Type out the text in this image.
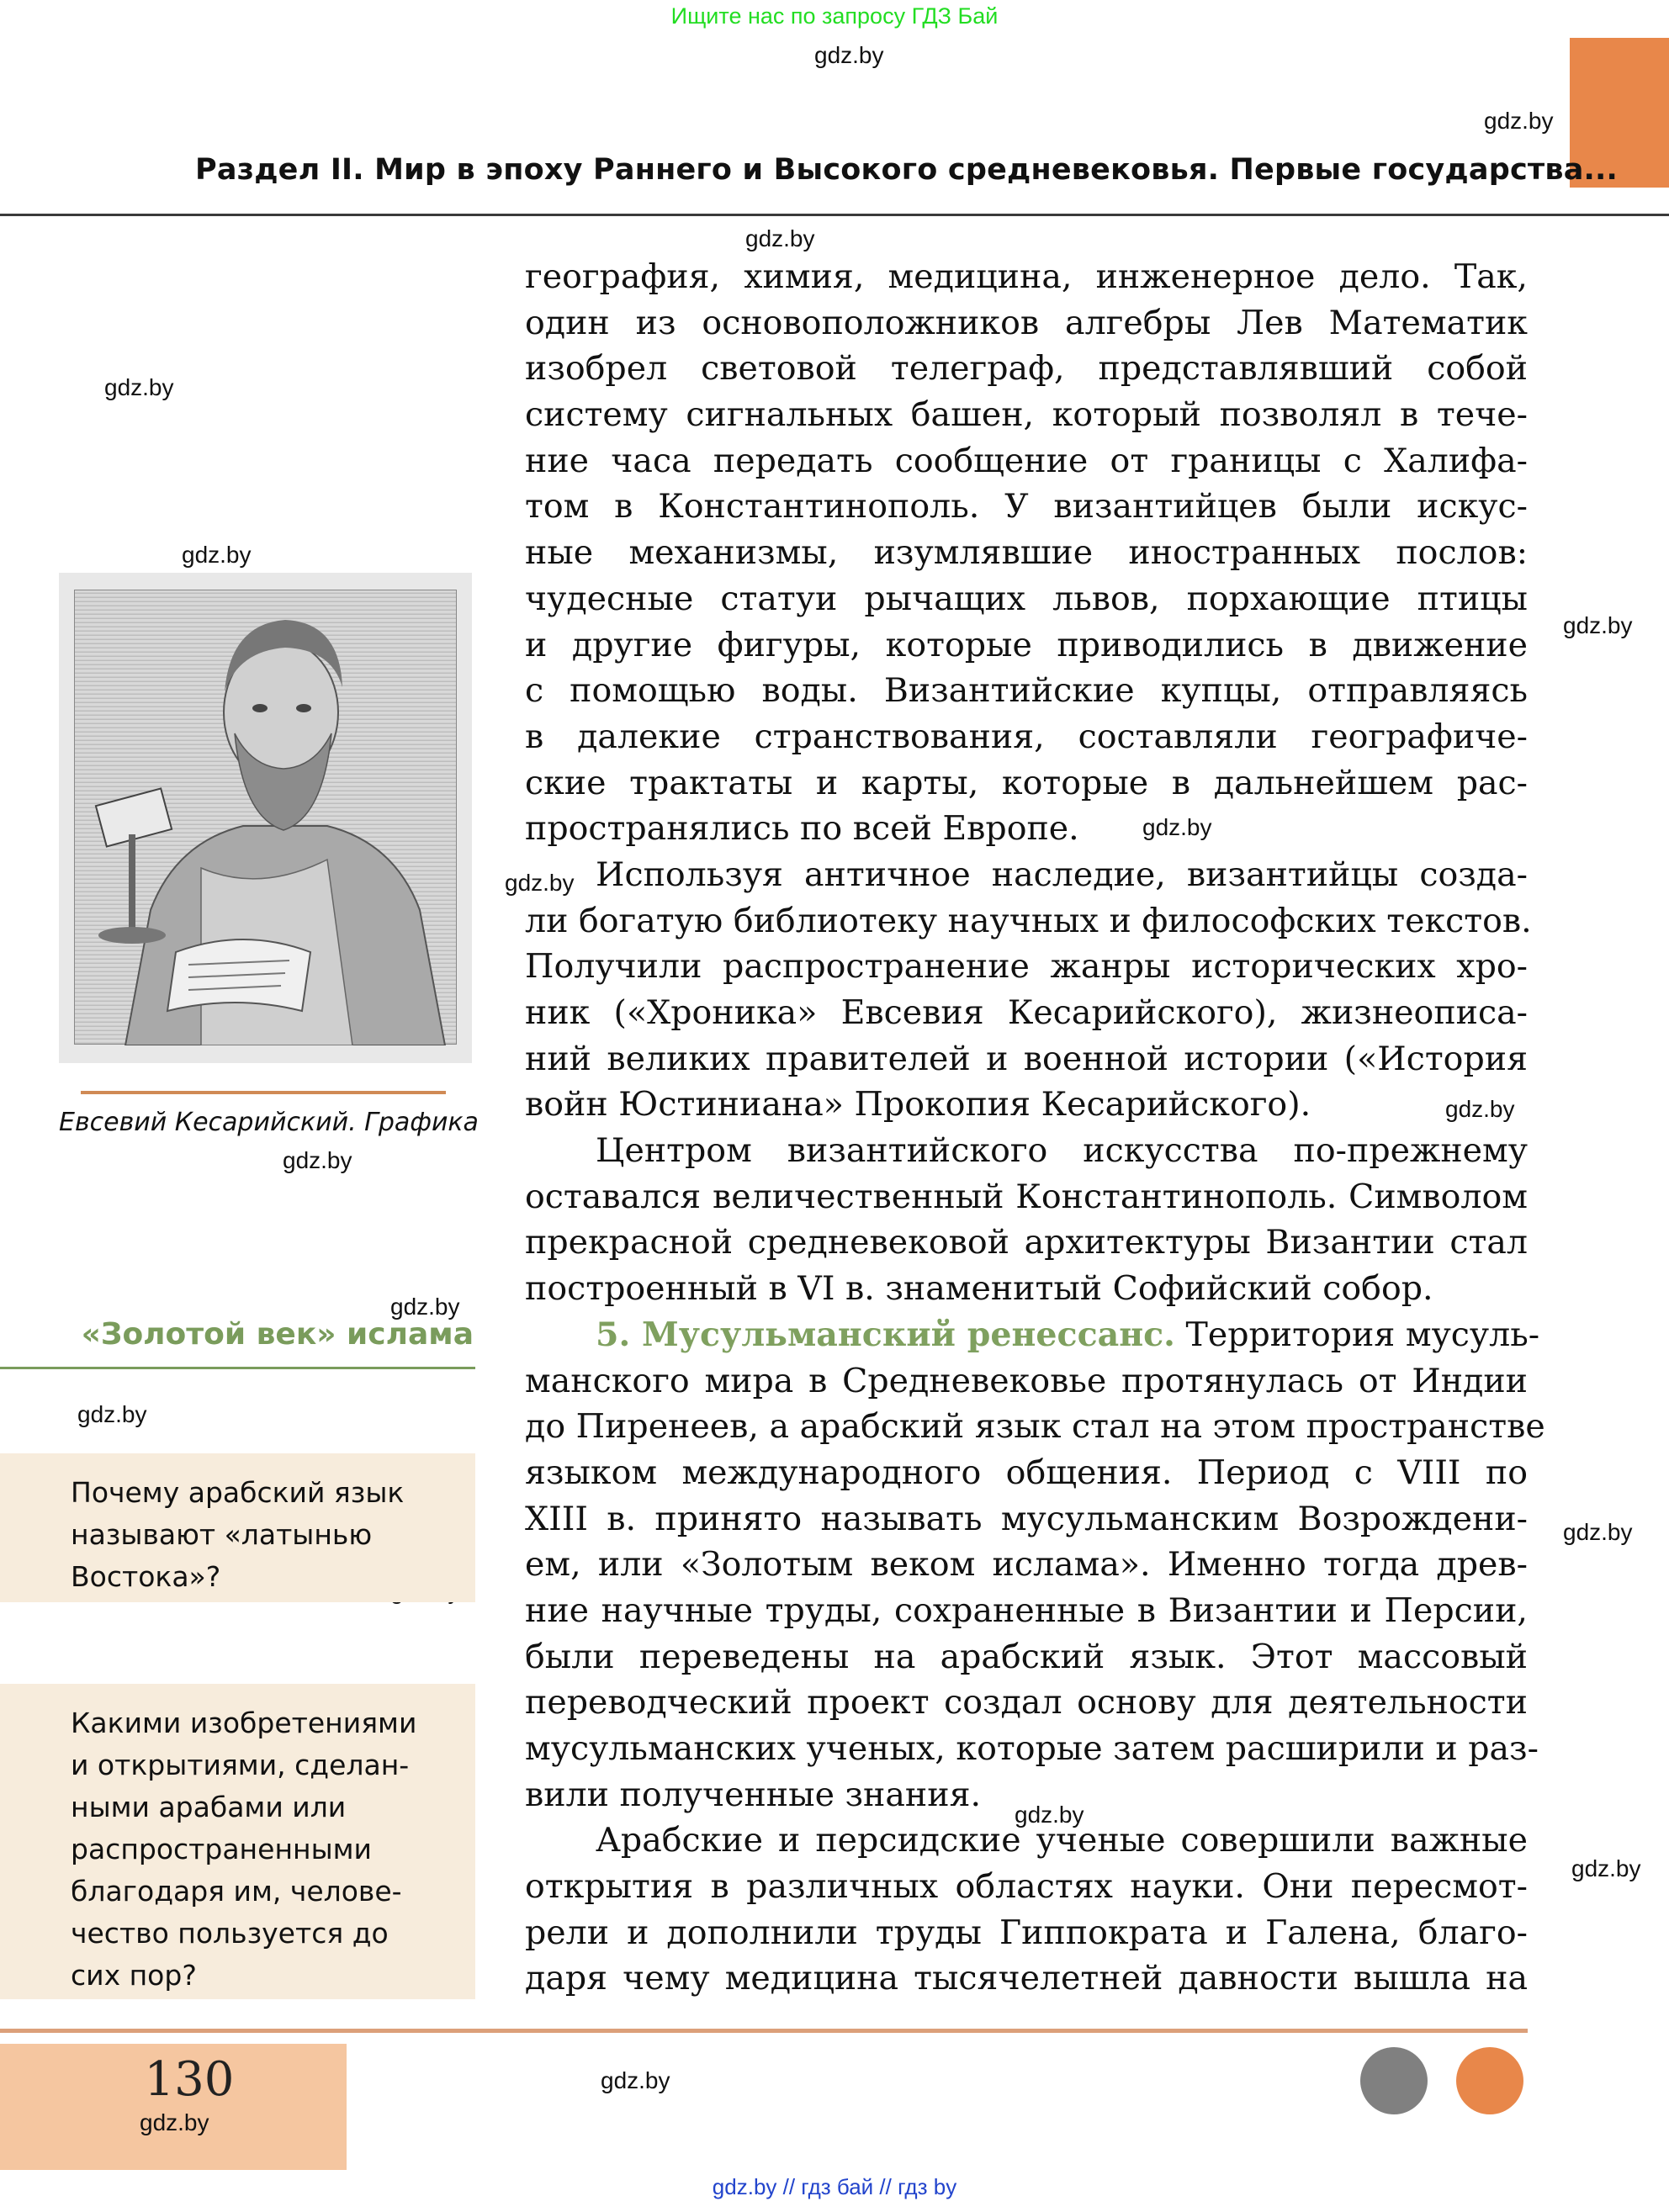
Ищите нас по запросу ГДЗ Бай
gdz.by
gdz.by
Раздел II. Мир в эпоху Раннего и Высокого средневековья. Первые государства...
gdz.by
gdz.by
gdz.by
gdz.by
gdz.by
gdz.by
gdz.by
gdz.by
gdz.by
gdz.by
gdz.by
gdz.by
gdz.by
география, химия, медицина, инженерное дело. Так,
один из основоположников алгебры Лев Математик
изобрел световой телеграф, представлявший собой
систему сигнальных башен, который позволял в тече-
ние часа передать сообщение от границы с Халифа-
том в Константинополь. У византийцев были искус-
ные механизмы, изумлявшие иностранных послов:
чудесные статуи рычащих львов, порхающие птицы
и другие фигуры, которые приводились в движение
с помощью воды. Византийские купцы, отправляясь
в далекие странствования, составляли географиче-
ские трактаты и карты, которые в дальнейшем рас-
пространялись по всей Европе.
Используя античное наследие, византийцы созда-
ли богатую библиотеку научных и философских текстов.
Получили распространение жанры исторических хро-
ник («Хроника» Евсевия Кесарийского), жизнеописа-
ний великих правителей и военной истории («История
войн Юстиниана» Прокопия Кесарийского).
Центром византийского искусства по-прежнему
оставался величественный Константинополь. Символом
прекрасной средневековой архитектуры Византии стал
построенный в VI в. знаменитый Софийский собор.
5. Мусульманский ренессанс. Территория мусуль-
манского мира в Средневековье протянулась от Индии
до Пиренеев, а арабский язык стал на этом пространстве
языком международного общения. Период с VIII по
XIII в. принято называть мусульманским Возрождени-
ем, или «Золотым веком ислама». Именно тогда древ-
ние научные труды, сохраненные в Византии и Персии,
были переведены на арабский язык. Этот массовый
переводческий проект создал основу для деятельности
мусульманских ученых, которые затем расширили и раз-
вили полученные знания.
Арабские и персидские ученые совершили важные
открытия в различных областях науки. Они пересмот-
рели и дополнили труды Гиппократа и Галена, благо-
даря чему медицина тысячелетней давности вышла на
Евсевий Кесарийский. Графика
«Золотой век» ислама
Почему арабский язык
называют «латынью
Востока»?
Какими изобретениями
и открытиями, сделан-
ными арабами или
распространенными
благодаря им, челове-
чество пользуется до
сих пор?
130
gdz.by
gdz.by
gdz.by // гдз бай // гдз by
